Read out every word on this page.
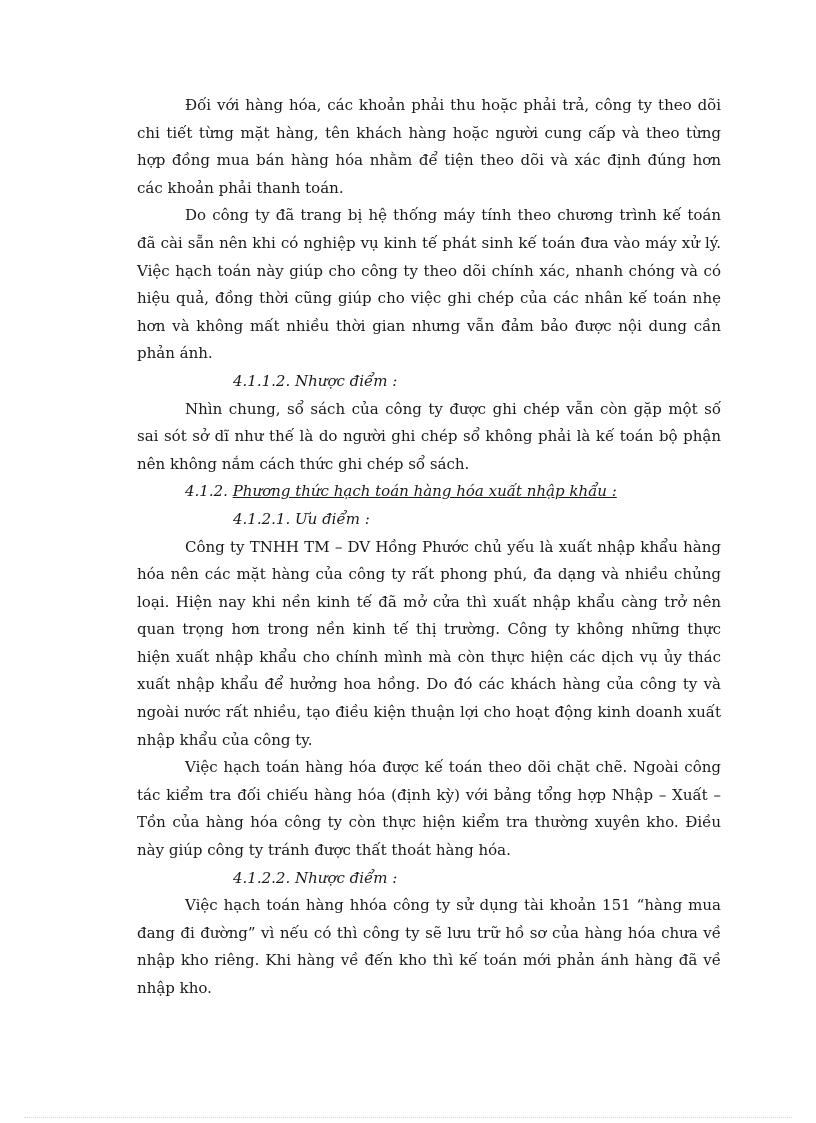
Đối với hàng hóa, các khoản phải thu hoặc phải trả, công ty theo dõi chi tiết từng mặt hàng, tên khách hàng hoặc người cung cấp và theo từng hợp đồng mua bán hàng hóa nhằm để tiện theo dõi và xác định đúng hơn các khoản phải thanh toán.

Do công ty đã trang bị hệ thống máy tính theo chương trình kế toán đã cài sẵn nên khi có nghiệp vụ kinh tế phát sinh kế toán đưa vào máy xử lý. Việc hạch toán này giúp cho công ty theo dõi chính xác, nhanh chóng và có hiệu quả, đồng thời cũng giúp cho việc ghi chép của các nhân kế toán nhẹ hơn và không mất nhiều thời gian nhưng vẫn đảm bảo được nội dung cần phản ánh.

4.1.1.2. Nhược điểm :

Nhìn chung, sổ sách của công ty được ghi chép vẫn còn gặp một số sai sót sở dĩ như thế là do người ghi chép sổ không phải là kế toán bộ phận nên không nắm cách thức ghi chép sổ sách.

4.1.2. Phương thức hạch toán hàng hóa xuất nhập khẩu :

4.1.2.1. Ưu điểm :

Công ty TNHH TM – DV Hồng Phước chủ yếu là xuất nhập khẩu hàng hóa nên các mặt hàng của công ty rất phong phú, đa dạng và nhiều chủng loại. Hiện nay khi nền kinh tế đã mở cửa thì xuất nhập khẩu càng trở nên quan trọng hơn trong nền kinh tế thị trường. Công ty không những thực hiện xuất nhập khẩu cho chính mình mà còn thực hiện các dịch vụ ủy thác xuất nhập khẩu để hưởng hoa hồng. Do đó các khách hàng của công ty và ngoài nước rất nhiều, tạo điều kiện thuận lợi cho hoạt động kinh doanh xuất nhập khẩu của công ty.

Việc hạch toán hàng hóa được kế toán theo dõi chặt chẽ. Ngoài công tác kiểm tra đối chiếu hàng hóa (định kỳ) với bảng tổng hợp Nhập – Xuất – Tồn của hàng hóa công ty còn thực hiện kiểm tra thường xuyên kho. Điều này giúp công ty tránh được thất thoát hàng hóa.

4.1.2.2. Nhược điểm :

Việc hạch toán hàng hhóa công ty sử dụng tài khoản 151 “hàng mua đang đi đường” vì nếu có thì công ty sẽ lưu trữ hồ sơ của hàng hóa chưa về nhập kho riêng. Khi hàng về đến kho thì kế toán mới phản ánh hàng đã về nhập kho.
